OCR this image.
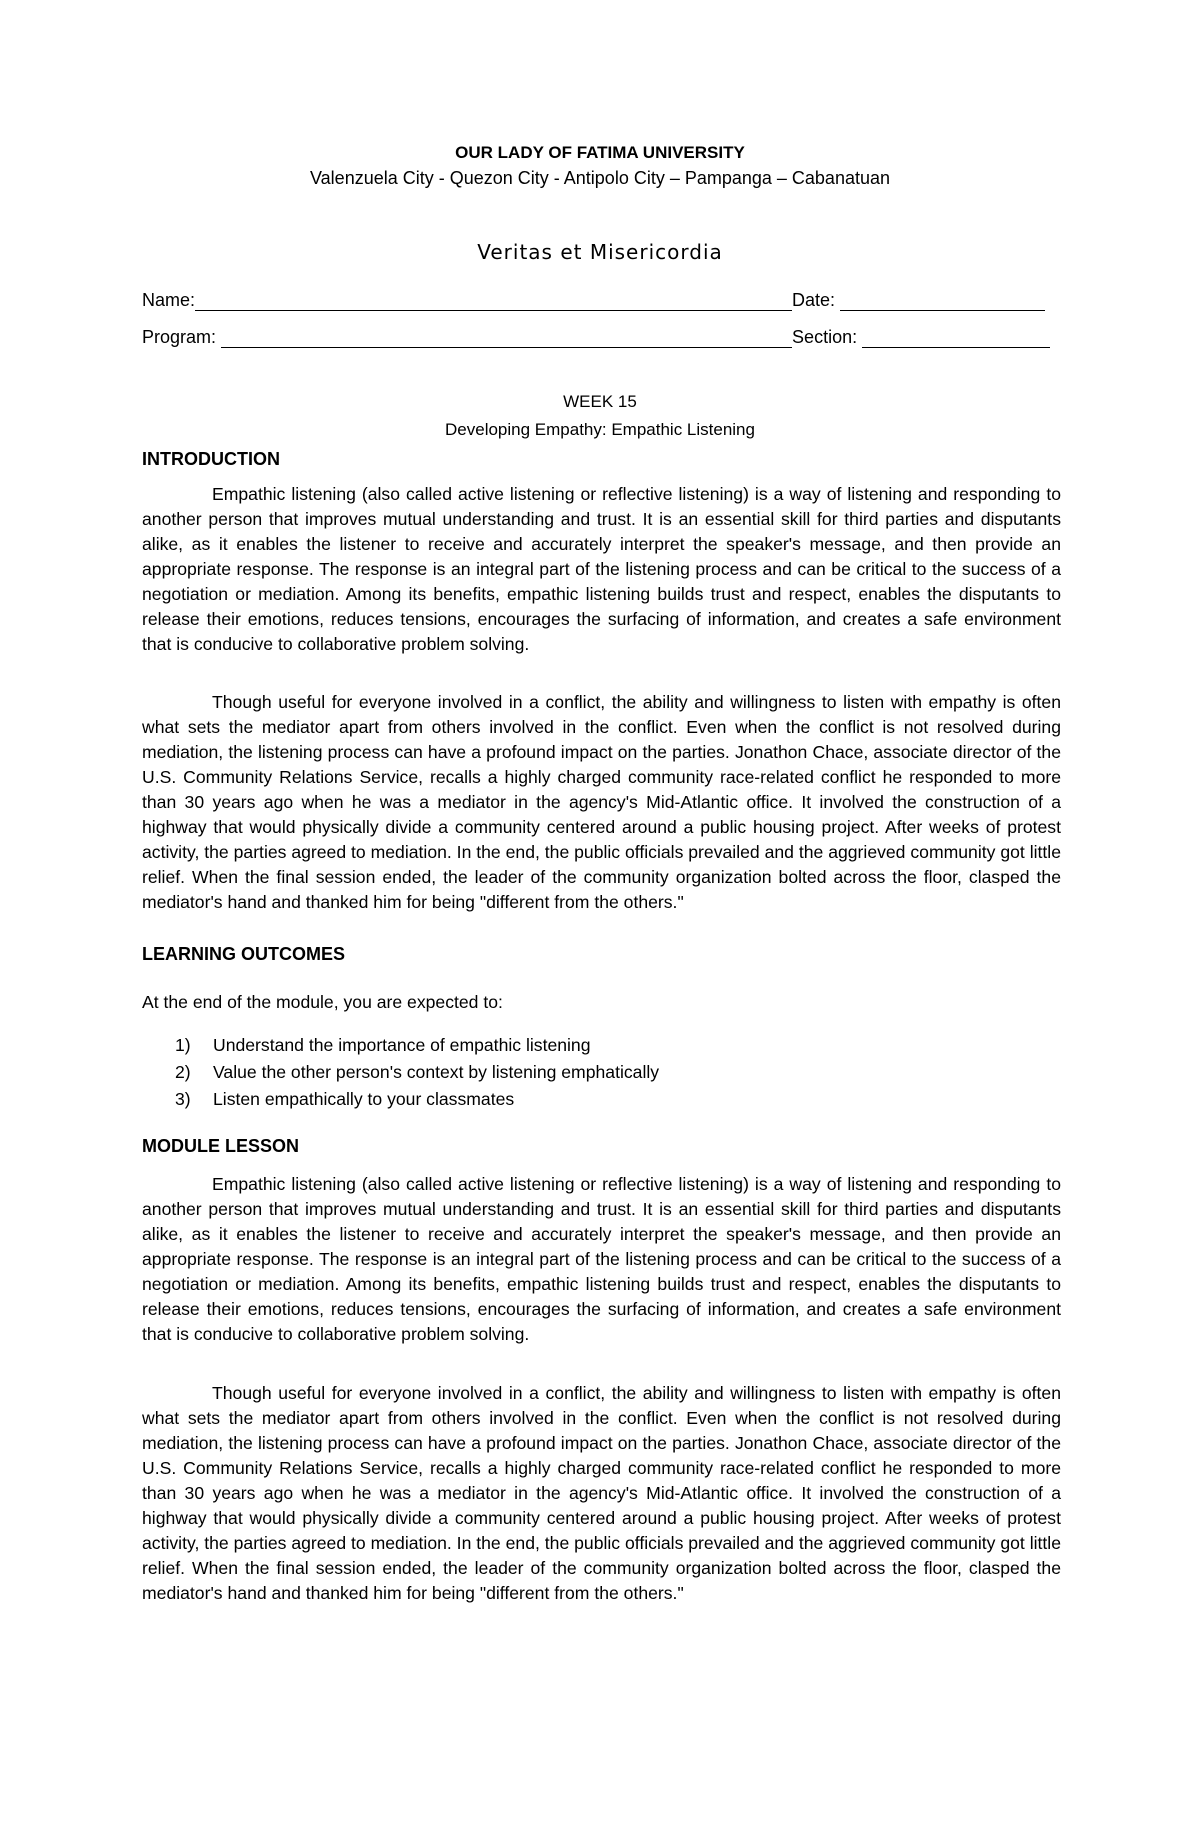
OUR LADY OF FATIMA UNIVERSITY
Valenzuela City - Quezon City - Antipolo City – Pampanga – Cabanatuan
Veritas et Misericordia
Name:	Date:
Program:	Section:
WEEK 15
Developing Empathy: Empathic Listening
INTRODUCTION

Empathic listening (also called active listening or reflective listening) is a way of listening and responding to another person that improves mutual understanding and trust. It is an essential skill for third parties and disputants alike, as it enables the listener to receive and accurately interpret the speaker's message, and then provide an appropriate response. The response is an integral part of the listening process and can be critical to the success of a negotiation or mediation. Among its benefits, empathic listening builds trust and respect, enables the disputants to release their emotions, reduces tensions, encourages the surfacing of information, and creates a safe environment that is conducive to collaborative problem solving.

Though useful for everyone involved in a conflict, the ability and willingness to listen with empathy is often what sets the mediator apart from others involved in the conflict. Even when the conflict is not resolved during mediation, the listening process can have a profound impact on the parties. Jonathon Chace, associate director of the U.S. Community Relations Service, recalls a highly charged community race-related conflict he responded to more than 30 years ago when he was a mediator in the agency's Mid-Atlantic office. It involved the construction of a highway that would physically divide a community centered around a public housing project. After weeks of protest activity, the parties agreed to mediation. In the end, the public officials prevailed and the aggrieved community got little relief. When the final session ended, the leader of the community organization bolted across the floor, clasped the mediator's hand and thanked him for being "different from the others."

LEARNING OUTCOMES
At the end of the module, you are expected to:
1) Understand the importance of empathic listening
2) Value the other person's context by listening emphatically
3) Listen empathically to your classmates
MODULE LESSON

Empathic listening (also called active listening or reflective listening) is a way of listening and responding to another person that improves mutual understanding and trust. It is an essential skill for third parties and disputants alike, as it enables the listener to receive and accurately interpret the speaker's message, and then provide an appropriate response. The response is an integral part of the listening process and can be critical to the success of a negotiation or mediation. Among its benefits, empathic listening builds trust and respect, enables the disputants to release their emotions, reduces tensions, encourages the surfacing of information, and creates a safe environment that is conducive to collaborative problem solving.

Though useful for everyone involved in a conflict, the ability and willingness to listen with empathy is often what sets the mediator apart from others involved in the conflict. Even when the conflict is not resolved during mediation, the listening process can have a profound impact on the parties. Jonathon Chace, associate director of the U.S. Community Relations Service, recalls a highly charged community race-related conflict he responded to more than 30 years ago when he was a mediator in the agency's Mid-Atlantic office. It involved the construction of a highway that would physically divide a community centered around a public housing project. After weeks of protest activity, the parties agreed to mediation. In the end, the public officials prevailed and the aggrieved community got little relief. When the final session ended, the leader of the community organization bolted across the floor, clasped the mediator's hand and thanked him for being "different from the others."
